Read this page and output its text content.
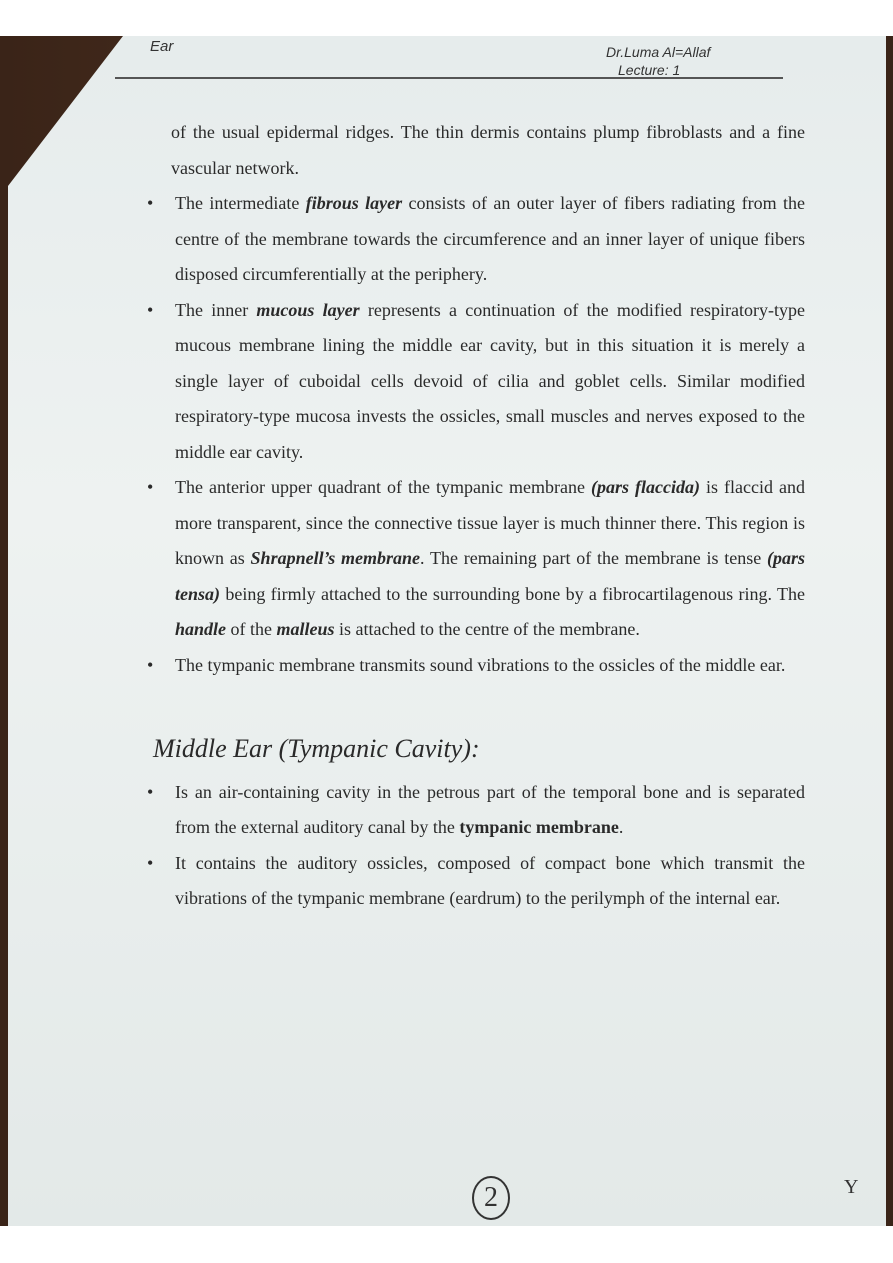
Ear	Dr.Luma Al=Allaf
Lecture: 1

of the usual epidermal ridges. The thin dermis contains plump fibroblasts and a fine vascular network.

• The intermediate fibrous layer consists of an outer layer of fibers radiating from the centre of the membrane towards the circumference and an inner layer of unique fibers disposed circumferentially at the periphery.
• The inner mucous layer represents a continuation of the modified respiratory-type mucous membrane lining the middle ear cavity, but in this situation it is merely a single layer of cuboidal cells devoid of cilia and goblet cells. Similar modified respiratory-type mucosa invests the ossicles, small muscles and nerves exposed to the middle ear cavity.
• The anterior upper quadrant of the tympanic membrane (pars flaccida) is flaccid and more transparent, since the connective tissue layer is much thinner there. This region is known as Shrapnell’s membrane. The remaining part of the membrane is tense (pars tensa) being firmly attached to the surrounding bone by a fibrocartilagenous ring. The handle of the malleus is attached to the centre of the membrane.
• The tympanic membrane transmits sound vibrations to the ossicles of the middle ear.
Middle Ear (Tympanic Cavity):
• Is an air-containing cavity in the petrous part of the temporal bone and is separated from the external auditory canal by the tympanic membrane.
• It contains the auditory ossicles, composed of compact bone which transmit the vibrations of the tympanic membrane (eardrum) to the perilymph of the internal ear.
2	Y
